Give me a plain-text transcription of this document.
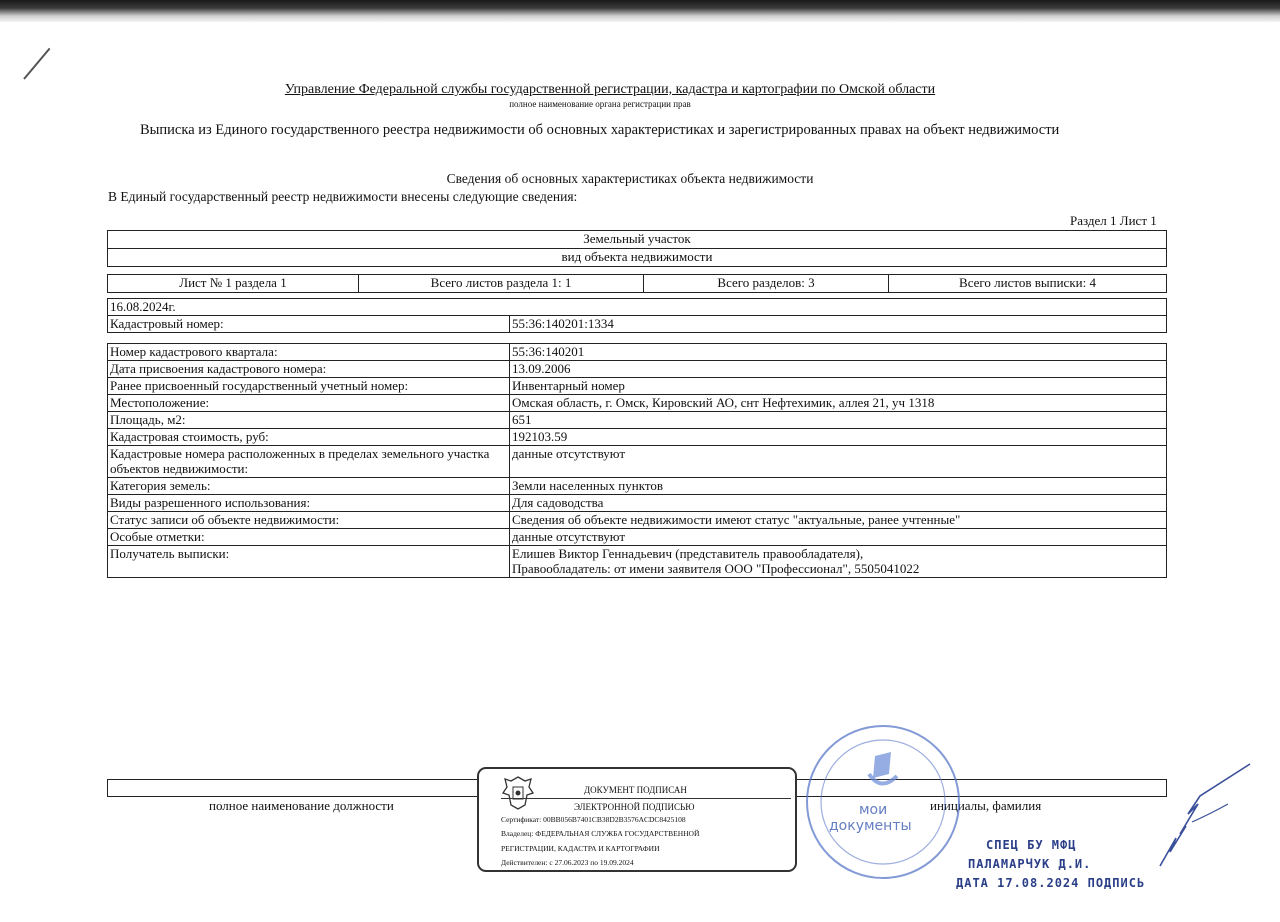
Управление Федеральной службы государственной регистрации, кадастра и картографии по Омской области
полное наименование органа регистрации прав
Выписка из Единого государственного реестра недвижимости об основных характеристиках и зарегистрированных правах на объект недвижимости
Сведения об основных характеристиках объекта недвижимости
В Единый государственный реестр недвижимости внесены следующие сведения:
Раздел 1 Лист 1
Земельный участок
вид объекта недвижимости
Лист № 1 раздела 1	Всего листов раздела 1: 1	Всего разделов: 3	Всего листов выписки: 4
16.08.2024г.
Кадастровый номер:	55:36:140201:1334
Номер кадастрового квартала:	55:36:140201
Дата присвоения кадастрового номера:	13.09.2006
Ранее присвоенный государственный учетный номер:	Инвентарный номер
Местоположение:	Омская область, г. Омск, Кировский АО, снт Нефтехимик, аллея 21, уч 1318
Площадь, м2:	651
Кадастровая стоимость, руб:	192103.59
Кадастровые номера расположенных в пределах земельного участка объектов недвижимости:	данные отсутствуют
Категория земель:	Земли населенных пунктов
Виды разрешенного использования:	Для садоводства
Статус записи об объекте недвижимости:	Сведения об объекте недвижимости имеют статус "актуальные, ранее учтенные"
Особые отметки:	данные отсутствуют
Получатель выписки:	Елишев Виктор Геннадьевич (представитель правообладателя),
Правообладатель: от имени заявителя ООО "Профессионал", 5505041022
полное наименование должности	инициалы, фамилия
ДОКУМЕНТ ПОДПИСАН
ЭЛЕКТРОННОЙ ПОДПИСЬЮ
Сертификат: 00BB056B7401CB38D2B3576ACDC8425108
Владелец: ФЕДЕРАЛЬНАЯ СЛУЖБА ГОСУДАРСТВЕННОЙ
РЕГИСТРАЦИИ, КАДАСТРА И КАРТОГРАФИИ
Действителен: с 27.06.2023 по 19.09.2024
мои
документы
СПЕЦ БУ МФЦ
ПАЛАМАРЧУК Д.И.
ДАТА 17.08.2024 ПОДПИСЬ
